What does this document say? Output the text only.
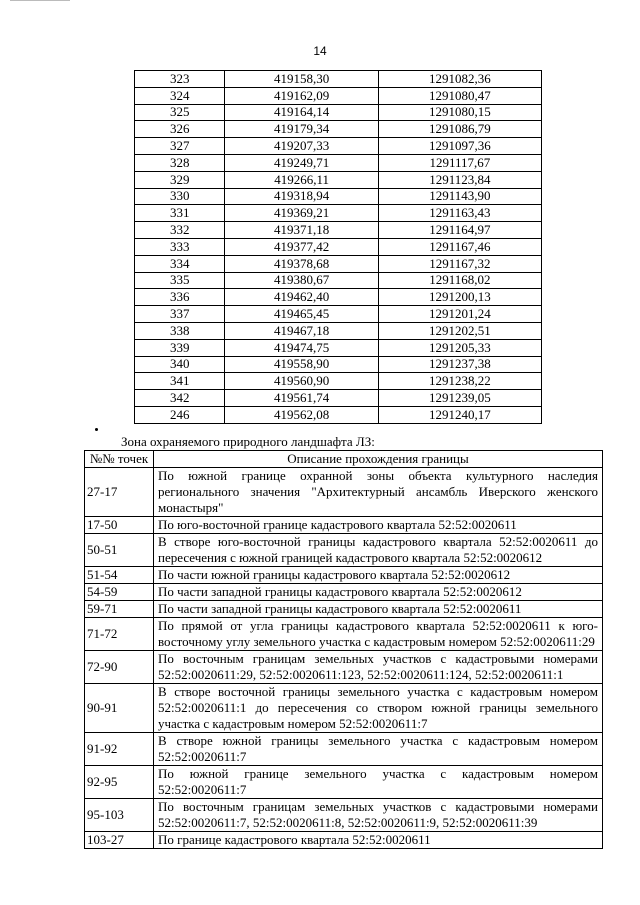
14
323	419158,30	1291082,36
324	419162,09	1291080,47
325	419164,14	1291080,15
326	419179,34	1291086,79
327	419207,33	1291097,36
328	419249,71	1291117,67
329	419266,11	1291123,84
330	419318,94	1291143,90
331	419369,21	1291163,43
332	419371,18	1291164,97
333	419377,42	1291167,46
334	419378,68	1291167,32
335	419380,67	1291168,02
336	419462,40	1291200,13
337	419465,45	1291201,24
338	419467,18	1291202,51
339	419474,75	1291205,33
340	419558,90	1291237,38
341	419560,90	1291238,22
342	419561,74	1291239,05
246	419562,08	1291240,17
Зона охраняемого природного ландшафта ЛЗ:
№№ точек	Описание прохождения границы
27-17	По южной границе охранной зоны объекта культурного наследия регионального значения "Архитектурный ансамбль Иверского женского монастыря"
17-50	По юго-восточной границе кадастрового квартала 52:52:0020611
50-51	В створе юго-восточной границы кадастрового квартала 52:52:0020611 до пересечения с южной границей кадастрового квартала 52:52:0020612
51-54	По части южной границы кадастрового квартала 52:52:0020612
54-59	По части западной границы кадастрового квартала 52:52:0020612
59-71	По части западной границы кадастрового квартала 52:52:0020611
71-72	По прямой от угла границы кадастрового квартала 52:52:0020611 к юго-восточному углу земельного участка с кадастровым номером 52:52:0020611:29
72-90	По восточным границам земельных участков с кадастровыми номерами 52:52:0020611:29, 52:52:0020611:123, 52:52:0020611:124, 52:52:0020611:1
90-91	В створе восточной границы земельного участка с кадастровым номером 52:52:0020611:1 до пересечения со створом южной границы земельного участка с кадастровым номером 52:52:0020611:7
91-92	В створе южной границы земельного участка с кадастровым номером 52:52:0020611:7
92-95	По южной границе земельного участка с кадастровым номером 52:52:0020611:7
95-103	По восточным границам земельных участков с кадастровыми номерами 52:52:0020611:7, 52:52:0020611:8, 52:52:0020611:9, 52:52:0020611:39
103-27	По границе кадастрового квартала 52:52:0020611
